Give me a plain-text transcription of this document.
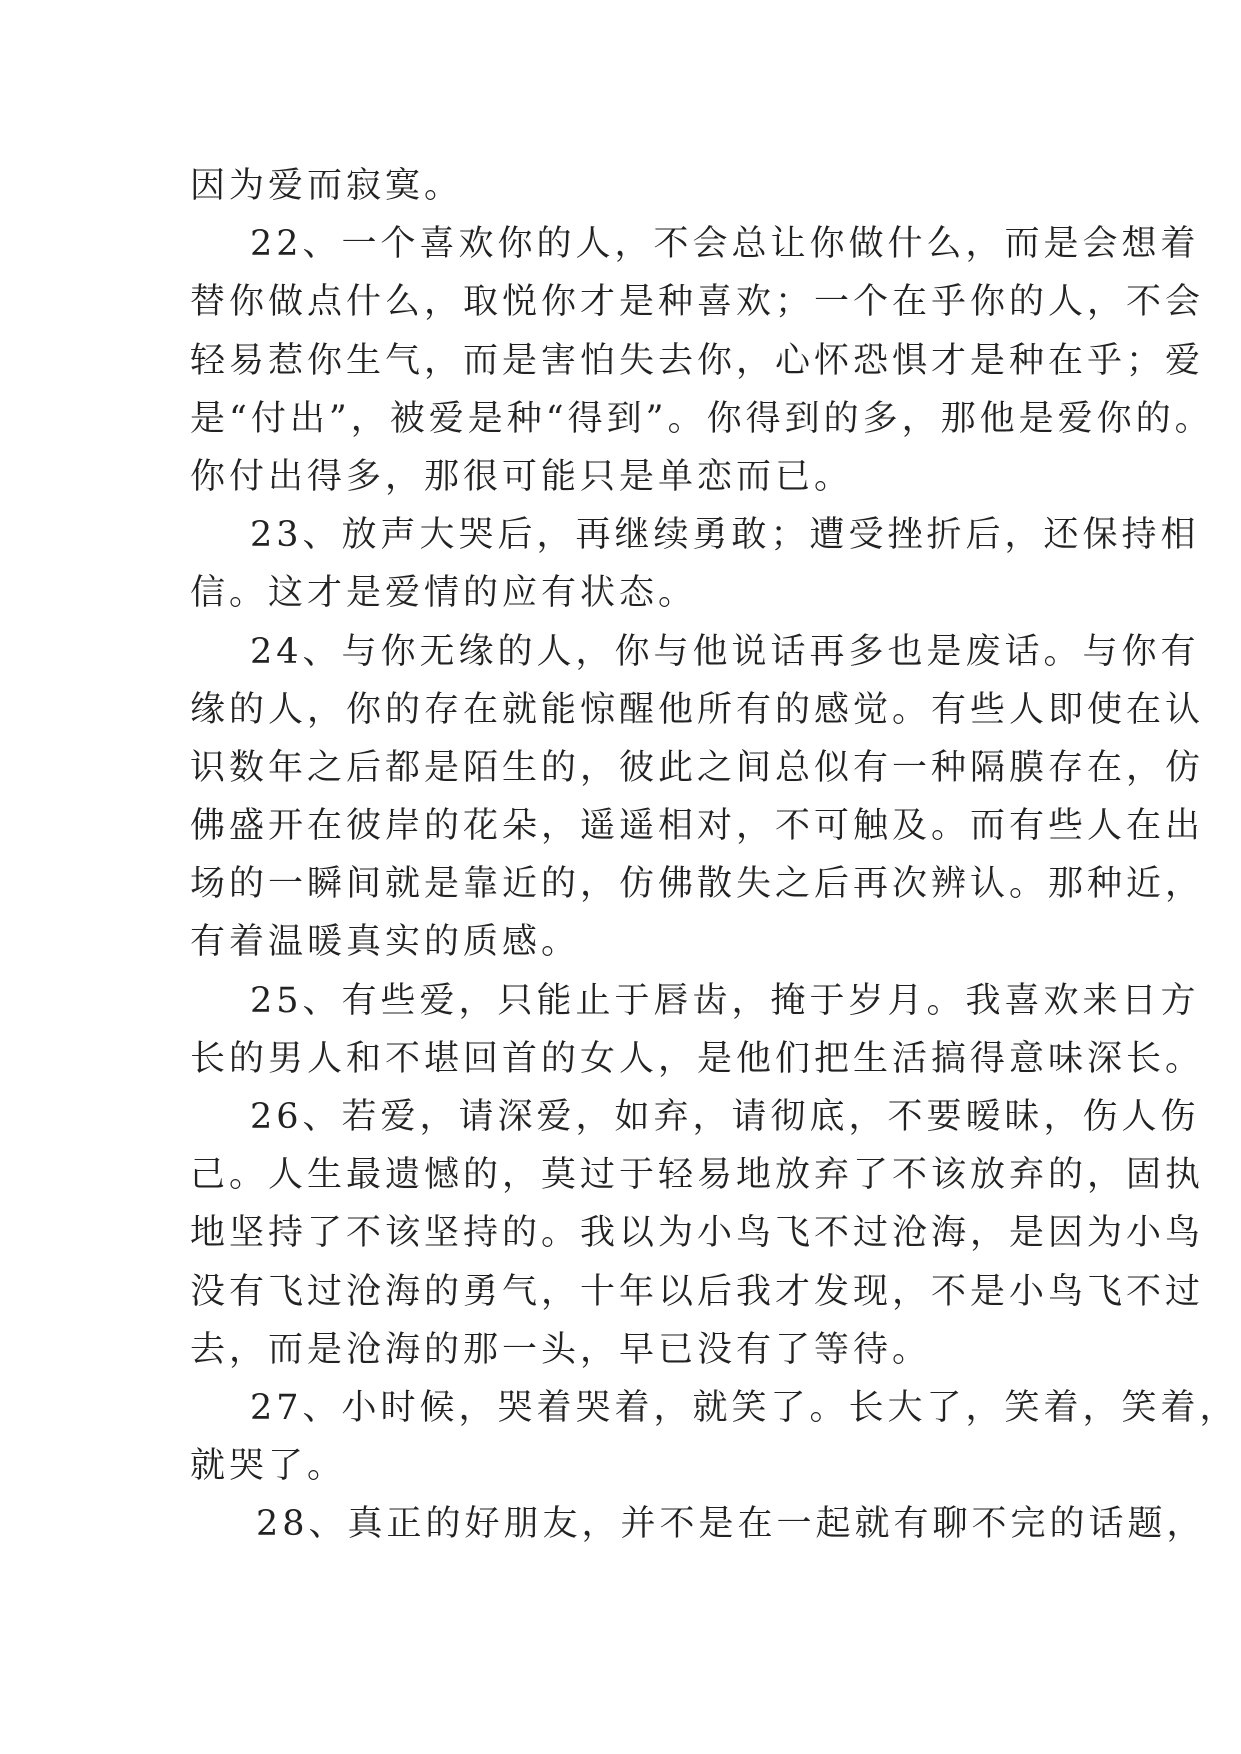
因为爱而寂寞。
22、一个喜欢你的人，不会总让你做什么，而是会想着
替你做点什么，取悦你才是种喜欢；一个在乎你的人，不会
轻易惹你生气，而是害怕失去你，心怀恐惧才是种在乎；爱
是“付出”，被爱是种“得到”。你得到的多，那他是爱你的。
你付出得多，那很可能只是单恋而已。
23、放声大哭后，再继续勇敢；遭受挫折后，还保持相
信。这才是爱情的应有状态。
24、与你无缘的人，你与他说话再多也是废话。与你有
缘的人，你的存在就能惊醒他所有的感觉。有些人即使在认
识数年之后都是陌生的，彼此之间总似有一种隔膜存在，仿
佛盛开在彼岸的花朵，遥遥相对，不可触及。而有些人在出
场的一瞬间就是靠近的，仿佛散失之后再次辨认。那种近，
有着温暖真实的质感。
25、有些爱，只能止于唇齿，掩于岁月。我喜欢来日方
长的男人和不堪回首的女人，是他们把生活搞得意味深长。
26、若爱，请深爱，如弃，请彻底，不要暧昧，伤人伤
己。人生最遗憾的，莫过于轻易地放弃了不该放弃的，固执
地坚持了不该坚持的。我以为小鸟飞不过沧海，是因为小鸟
没有飞过沧海的勇气，十年以后我才发现，不是小鸟飞不过
去，而是沧海的那一头，早已没有了等待。
27、小时候，哭着哭着，就笑了。长大了，笑着，笑着，
就哭了。
28、真正的好朋友，并不是在一起就有聊不完的话题，
